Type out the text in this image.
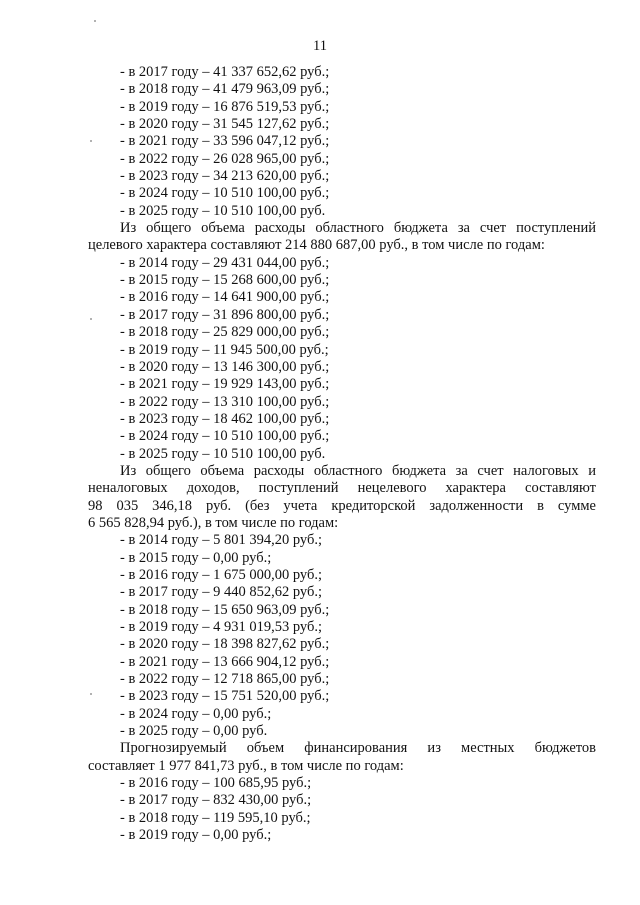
11
- в 2017 году – 41 337 652,62 руб.;
- в 2018 году – 41 479 963,09 руб.;
- в 2019 году – 16 876 519,53 руб.;
- в 2020 году – 31 545 127,62 руб.;
- в 2021 году – 33 596 047,12 руб.;
- в 2022 году – 26 028 965,00 руб.;
- в 2023 году – 34 213 620,00 руб.;
- в 2024 году – 10 510 100,00 руб.;
- в 2025 году – 10 510 100,00 руб.
Из общего объема расходы областного бюджета за счет поступлений
целевого характера составляют 214 880 687,00 руб., в том числе по годам:
- в 2014 году – 29 431 044,00 руб.;
- в 2015 году – 15 268 600,00 руб.;
- в 2016 году – 14 641 900,00 руб.;
- в 2017 году – 31 896 800,00 руб.;
- в 2018 году – 25 829 000,00 руб.;
- в 2019 году – 11 945 500,00 руб.;
- в 2020 году – 13 146 300,00 руб.;
- в 2021 году – 19 929 143,00 руб.;
- в 2022 году – 13 310 100,00 руб.;
- в 2023 году – 18 462 100,00 руб.;
- в 2024 году – 10 510 100,00 руб.;
- в 2025 году – 10 510 100,00 руб.
Из общего объема расходы областного бюджета за счет налоговых и
неналоговых доходов, поступлений нецелевого характера составляют
98 035 346,18 руб. (без учета кредиторской задолженности в сумме
6 565 828,94 руб.), в том числе по годам:
- в 2014 году – 5 801 394,20 руб.;
- в 2015 году – 0,00 руб.;
- в 2016 году – 1 675 000,00 руб.;
- в 2017 году – 9 440 852,62 руб.;
- в 2018 году – 15 650 963,09 руб.;
- в 2019 году – 4 931 019,53 руб.;
- в 2020 году – 18 398 827,62 руб.;
- в 2021 году – 13 666 904,12 руб.;
- в 2022 году – 12 718 865,00 руб.;
- в 2023 году – 15 751 520,00 руб.;
- в 2024 году – 0,00 руб.;
- в 2025 году – 0,00 руб.
Прогнозируемый объем финансирования из местных бюджетов
составляет 1 977 841,73 руб., в том числе по годам:
- в 2016 году – 100 685,95 руб.;
- в 2017 году – 832 430,00 руб.;
- в 2018 году – 119 595,10 руб.;
- в 2019 году – 0,00 руб.;
